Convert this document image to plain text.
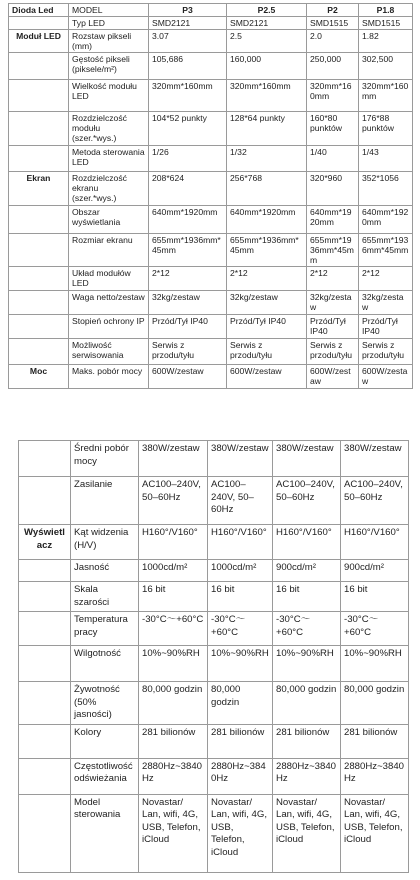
Dioda Led	MODEL	P3	P2.5	P2	P1.8
	Typ LED	SMD2121	SMD2121	SMD1515	SMD1515
Moduł LED	Rozstaw pikseli (mm)	3.07	2.5	2.0	1.82
	Gęstość pikseli (piksele/m²)	105,686	160,000	250,000	302,500
	Wielkość modułu LED	320mm*160mm	320mm*160mm	320mm*160mm	320mm*160mm
	Rozdzielczość modułu (szer.*wys.)	104*52 punkty	128*64 punkty	160*80 punktów	176*88 punktów
	Metoda sterowania LED	1/26	1/32	1/40	1/43
Ekran	Rozdzielczość ekranu (szer.*wys.)	208*624	256*768	320*960	352*1056
	Obszar wyświetlania	640mm*1920mm	640mm*1920mm	640mm*1920mm	640mm*1920mm
	Rozmiar ekranu	655mm*1936mm*45mm	655mm*1936mm*45mm	655mm*1936mm*45mm	655mm*1936mm*45mm
	Układ modułów LED	2*12	2*12	2*12	2*12
	Waga netto/zestaw	32kg/zestaw	32kg/zestaw	32kg/zestaw	32kg/zestaw
	Stopień ochrony IP	Przód/Tył IP40	Przód/Tył IP40	Przód/Tył IP40	Przód/Tył IP40
	Możliwość serwisowania	Serwis z przodu/tyłu	Serwis z przodu/tyłu	Serwis z przodu/tyłu	Serwis z przodu/tyłu
Moc	Maks. pobór mocy	600W/zestaw	600W/zestaw	600W/zestaw	600W/zestaw
	Średni pobór mocy	380W/zestaw	380W/zestaw	380W/zestaw	380W/zestaw
	Zasilanie	AC100–240V, 50–60Hz	AC100–240V, 50–60Hz	AC100–240V, 50–60Hz	AC100–240V, 50–60Hz
Wyświetlacz	Kąt widzenia (H/V)	H160°/V160°	H160°/V160°	H160°/V160°	H160°/V160°
	Jasność	1000cd/m²	1000cd/m²	900cd/m²	900cd/m²
	Skala szarości	16 bit	16 bit	16 bit	16 bit
	Temperatura pracy	-30°C～+60°C	-30°C～+60°C	-30°C～+60°C	-30°C～+60°C
	Wilgotność	10%~90%RH	10%~90%RH	10%~90%RH	10%~90%RH
	Żywotność (50% jasności)	80,000 godzin	80,000 godzin	80,000 godzin	80,000 godzin
	Kolory	281 bilionów	281 bilionów	281 bilionów	281 bilionów
	Częstotliwość odświeżania	2880Hz~3840Hz	2880Hz~3840Hz	2880Hz~3840Hz	2880Hz~3840Hz
	Model sterowania	Novastar/ Lan, wifi, 4G, USB, Telefon, iCloud	Novastar/ Lan, wifi, 4G, USB, Telefon, iCloud	Novastar/ Lan, wifi, 4G, USB, Telefon, iCloud	Novastar/ Lan, wifi, 4G, USB, Telefon, iCloud
